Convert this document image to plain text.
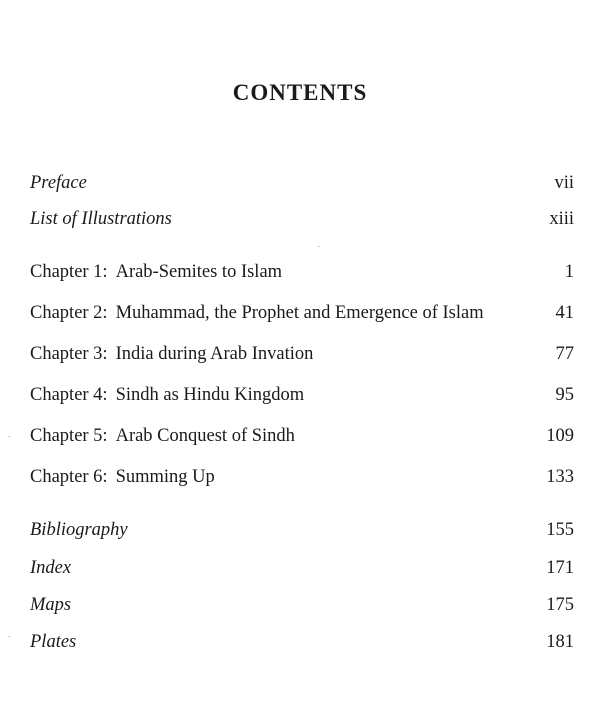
CONTENTS
Preface	vii
List of Illustrations	xiii
Chapter 1: Arab-Semites to Islam	1
Chapter 2: Muhammad, the Prophet and Emergence of Islam	41
Chapter 3: India during Arab Invation	77
Chapter 4: Sindh as Hindu Kingdom	95
Chapter 5: Arab Conquest of Sindh	109
Chapter 6: Summing Up	133
Bibliography	155
Index	171
Maps	175
Plates	181
